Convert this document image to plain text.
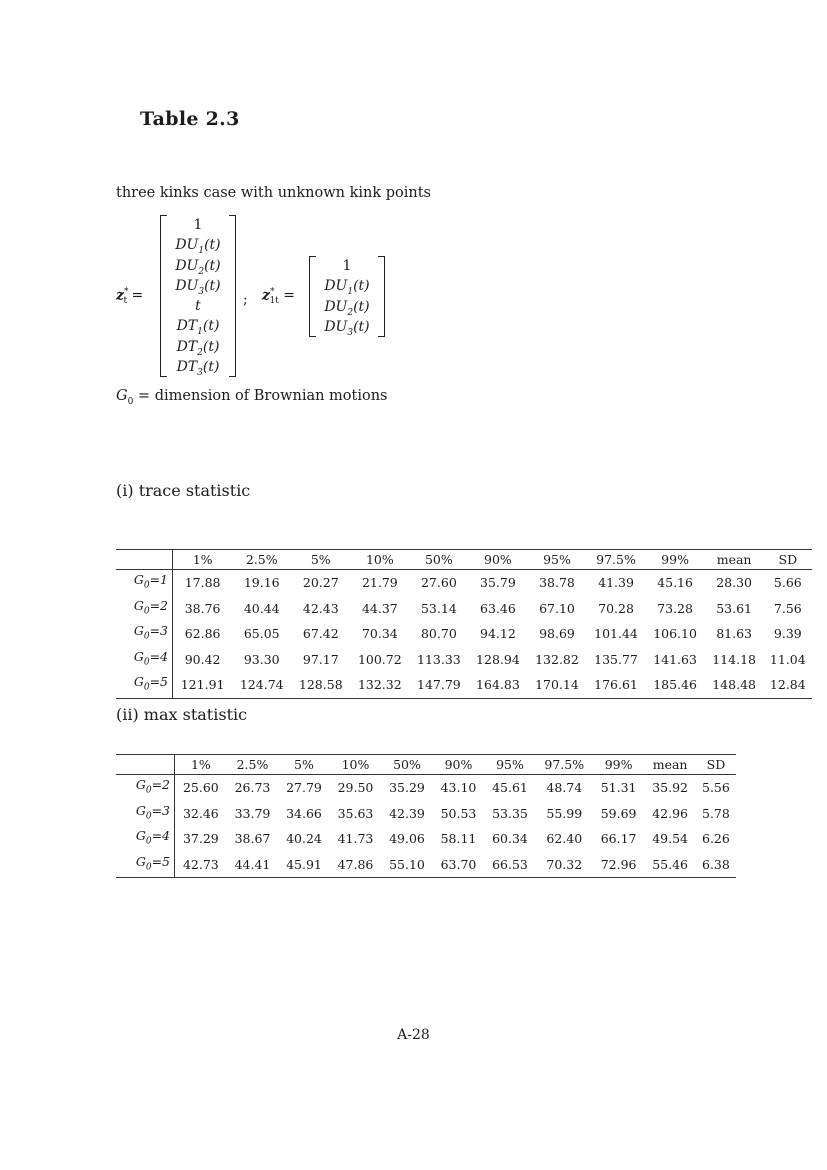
Table 2.3
three kinks case with unknown kink points
$z^*_t$ =
1
$DU_1(t)$
$DU_2(t)$
$DU_3(t)$
t
$DT_1(t)$
$DT_2(t)$
$DT_3(t)$
; $z^*_{1t}$ =
1
$DU_1(t)$
$DU_2(t)$
$DU_3(t)$
$G_0$ = dimension of Brownian motions
(i) trace statistic
	1%	2.5%	5%	10%	50%	90%	95%	97.5%	99%	mean	SD
$G_0=1$	17.88	19.16	20.27	21.79	27.60	35.79	38.78	41.39	45.16	28.30	5.66
$G_0=2$	38.76	40.44	42.43	44.37	53.14	63.46	67.10	70.28	73.28	53.61	7.56
$G_0=3$	62.86	65.05	67.42	70.34	80.70	94.12	98.69	101.44	106.10	81.63	9.39
$G_0=4$	90.42	93.30	97.17	100.72	113.33	128.94	132.82	135.77	141.63	114.18	11.04
$G_0=5$	121.91	124.74	128.58	132.32	147.79	164.83	170.14	176.61	185.46	148.48	12.84
(ii) max statistic
	1%	2.5%	5%	10%	50%	90%	95%	97.5%	99%	mean	SD
$G_0=2$	25.60	26.73	27.79	29.50	35.29	43.10	45.61	48.74	51.31	35.92	5.56
$G_0=3$	32.46	33.79	34.66	35.63	42.39	50.53	53.35	55.99	59.69	42.96	5.78
$G_0=4$	37.29	38.67	40.24	41.73	49.06	58.11	60.34	62.40	66.17	49.54	6.26
$G_0=5$	42.73	44.41	45.91	47.86	55.10	63.70	66.53	70.32	72.96	55.46	6.38
A-28
